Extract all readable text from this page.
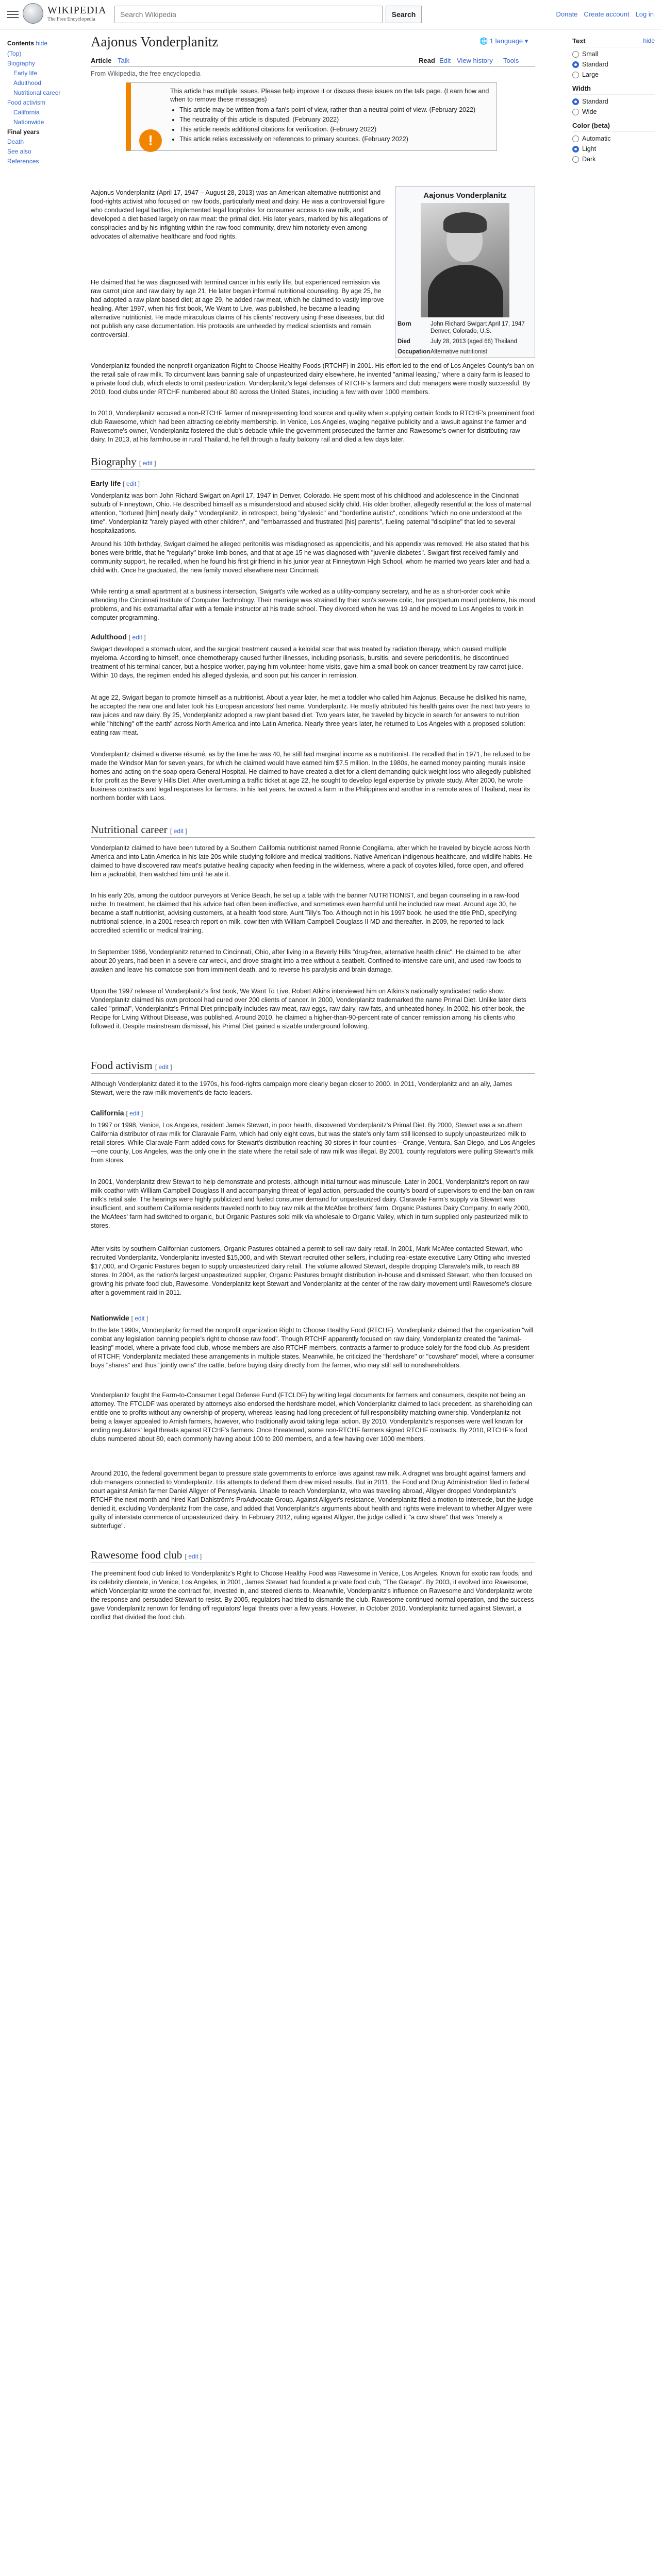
WIKIPEDIA
The Free Encyclopedia
Search Wikipedia	Search	Donate Create account Log in
Contents hide
(Top)
Biography
Early life
Adulthood
Nutritional career
Food activism
California
Nationwide
Final years
Death
See also
References
Aajonus Vonderplanitz	🌐 1 language ▾
Article Talk	Read Edit View history Tools
From Wikipedia, the free encyclopedia
!
This article has multiple issues. Please help improve it or discuss these issues on the talk page. (Learn how and when to remove these messages)
• This article may be written from a fan's point of view, rather than a neutral point of view. (February 2022)
• The neutrality of this article is disputed. (February 2022)
• This article needs additional citations for verification. (February 2022)
• This article relies excessively on references to primary sources. (February 2022)
Aajonus Vonderplanitz
Born	John Richard Swigart April 17, 1947 Denver, Colorado, U.S.
Died	July 28, 2013 (aged 66) Thailand
Occupation Alternative nutritionist
Text	hide
Small
Standard
Large
Width
Standard
Wide
Color (beta)
Automatic
Light
Dark

Aajonus Vonderplanitz (April 17, 1947 – August 28, 2013) was an American alternative nutritionist and food-rights activist who focused on raw foods, particularly meat and dairy. He was a controversial figure who conducted legal battles, implemented legal loopholes for consumer access to raw milk, and developed a diet based largely on raw meat: the primal diet. His later years, marked by his allegations of conspiracies and by his infighting within the raw food community, drew him notoriety even among advocates of alternative healthcare and food rights.

He claimed that he was diagnosed with terminal cancer in his early life, but experienced remission via raw carrot juice and raw dairy by age 21. He later began informal nutritional counseling. By age 25, he had adopted a raw plant based diet; at age 29, he added raw meat, which he claimed to vastly improve healing. After 1997, when his first book, We Want to Live, was published, he became a leading alternative nutritionist. He made miraculous claims of his clients' recovery using these diseases, but did not publish any case documentation. His protocols are unheeded by medical scientists and remain controversial.

Vonderplanitz founded the nonprofit organization Right to Choose Healthy Foods (RTCHF) in 2001. His effort led to the end of Los Angeles County's ban on the retail sale of raw milk. To circumvent laws banning sale of unpasteurized dairy elsewhere, he invented "animal leasing," where a dairy farm is leased to a private food club, which elects to omit pasteurization. Vonderplanitz's legal defenses of RTCHF's farmers and club managers were mostly successful. By 2010, food clubs under RTCHF numbered about 80 across the United States, including a few with over 1000 members.

In 2010, Vonderplanitz accused a non-RTCHF farmer of misrepresenting food source and quality when supplying certain foods to RTCHF's preeminent food club Rawesome, which had been attracting celebrity membership. In Venice, Los Angeles, waging negative publicity and a lawsuit against the farmer and Rawesome's owner, Vonderplanitz fostered the club's debacle while the government prosecuted the farmer and Rawesome's owner for distributing raw dairy. In 2013, at his farmhouse in rural Thailand, he fell through a faulty balcony rail and died a few days later.

Biography [ edit ]
Early life [ edit ]

Vonderplanitz was born John Richard Swigart on April 17, 1947 in Denver, Colorado. He spent most of his childhood and adolescence in the Cincinnati suburb of Finneytown, Ohio. He described himself as a misunderstood and abused sickly child. His older brother, allegedly resentful at the loss of maternal attention, "tortured [him] nearly daily." Vonderplanitz, in retrospect, being "dyslexic" and "borderline autistic", conditions "which no one understood at the time". Vonderplanitz "rarely played with other children", and "embarrassed and frustrated [his] parents", fueling paternal "discipline" that led to several hospitalizations.

Around his 10th birthday, Swigart claimed he alleged peritonitis was misdiagnosed as appendicitis, and his appendix was removed. He also stated that his bones were brittle, that he "regularly" broke limb bones, and that at age 15 he was diagnosed with "juvenile diabetes". Swigart first received family and community support, he recalled, when he found his first girlfriend in his junior year at Finneytown High School, whom he married two years later and had a child with. Once he graduated, the new family moved elsewhere near Cincinnati.

While renting a small apartment at a business intersection, Swigart's wife worked as a utility-company secretary, and he as a short-order cook while attending the Cincinnati Institute of Computer Technology. Their marriage was strained by their son's severe colic, her postpartum mood problems, his mood problems, and his extramarital affair with a female instructor at his trade school. They divorced when he was 19 and he moved to Los Angeles to work in computer programming.

Adulthood [ edit ]

Swigart developed a stomach ulcer, and the surgical treatment caused a keloidal scar that was treated by radiation therapy, which caused multiple myeloma. According to himself, once chemotherapy caused further illnesses, including psoriasis, bursitis, and severe periodontitis, he discontinued treatment of his terminal cancer, but a hospice worker, paying him volunteer home visits, gave him a small book on cancer treatment by raw carrot juice. Within 10 days, the regimen ended his alleged dyslexia, and soon put his cancer in remission.

At age 22, Swigart began to promote himself as a nutritionist. About a year later, he met a toddler who called him Aajonus. Because he disliked his name, he accepted the new one and later took his European ancestors' last name, Vonderplanitz. He mostly attributed his health gains over the next two years to raw juices and raw dairy. By 25, Vonderplanitz adopted a raw plant based diet. Two years later, he traveled by bicycle in search for answers to nutrition while "hitching" off the earth" across North America and into Latin America. Nearly three years later, he returned to Los Angeles with a proposed solution: eating raw meat.

Vonderplanitz claimed a diverse résumé, as by the time he was 40, he still had marginal income as a nutritionist. He recalled that in 1971, he refused to be made the Windsor Man for seven years, for which he claimed would have earned him $7.5 million. In the 1980s, he earned money painting murals inside homes and acting on the soap opera General Hospital. He claimed to have created a diet for a client demanding quick weight loss who allegedly published it for profit as the Beverly Hills Diet. After overturning a traffic ticket at age 22, he sought to develop legal expertise by private study. After 2000, he wrote business contracts and legal responses for farmers. In his last years, he owned a farm in the Philippines and another in a remote area of Thailand, near its northern border with Laos.

Nutritional career [ edit ]

Vonderplanitz claimed to have been tutored by a Southern California nutritionist named Ronnie Congilama, after which he traveled by bicycle across North America and into Latin America in his late 20s while studying folklore and medical traditions. Native American indigenous healthcare, and wildlife habits. He claimed to have discovered raw meat's putative healing capacity when feeding in the wilderness, where a pack of coyotes killed, force open, and offered him a jackrabbit, then watched him until he ate it.

In his early 20s, among the outdoor purveyors at Venice Beach, he set up a table with the banner NUTRITIONIST, and began counseling in a raw-food niche. In treatment, he claimed that his advice had often been ineffective, and sometimes even harmful until he included raw meat. Around age 30, he became a staff nutritionist, advising customers, at a health food store, Aunt Tilly's Too. Although not in his 1997 book, he used the title PhD, specifying nutritional science, in a 2001 research report on milk, cowritten with William Campbell Douglass II MD and thereafter. In 2009, he reported to lack accredited scientific or medical training.

In September 1986, Vonderplanitz returned to Cincinnati, Ohio, after living in a Beverly Hills "drug-free, alternative health clinic". He claimed to be, after about 20 years, had been in a severe car wreck, and drove straight into a tree without a seatbelt. Confined to intensive care unit, and used raw foods to awaken and leave his comatose son from imminent death, and to reverse his paralysis and brain damage.

Upon the 1997 release of Vonderplanitz's first book, We Want To Live, Robert Atkins interviewed him on Atkins's nationally syndicated radio show. Vonderplanitz claimed his own protocol had cured over 200 clients of cancer. In 2000, Vonderplanitz trademarked the name Primal Diet. Unlike later diets called "primal", Vonderplanitz's Primal Diet principally includes raw meat, raw eggs, raw dairy, raw fats, and unheated honey. In 2002, his other book, the Recipe for Living Without Disease, was published. Around 2010, he claimed a higher-than-90-percent rate of cancer remission among his clients who followed it. Despite mainstream dismissal, his Primal Diet gained a sizable underground following.

Food activism [ edit ]

Although Vonderplanitz dated it to the 1970s, his food-rights campaign more clearly began closer to 2000. In 2011, Vonderplanitz and an ally, James Stewart, were the raw-milk movement's de facto leaders.

California [ edit ]

In 1997 or 1998, Venice, Los Angeles, resident James Stewart, in poor health, discovered Vonderplanitz's Primal Diet. By 2000, Stewart was a southern California distributor of raw milk for Claravale Farm, which had only eight cows, but was the state's only farm still licensed to supply unpasteurized milk to retail stores. While Claravale Farm added cows for Stewart's distribution reaching 30 stores in four counties—Orange, Ventura, San Diego, and Los Angeles—one county, Los Angeles, was the only one in the state where the retail sale of raw milk was illegal. By 2001, county regulators were pulling Stewart's milk from stores.

In 2001, Vonderplanitz drew Stewart to help demonstrate and protests, although initial turnout was minuscule. Later in 2001, Vonderplanitz's report on raw milk coathor with William Campbell Douglass II and accompanying threat of legal action, persuaded the county's board of supervisors to end the ban on raw milk's retail sale. The hearings were highly publicized and fueled consumer demand for unpasteurized dairy. Claravale Farm's supply via Stewart was insufficient, and southern California residents traveled north to buy raw milk at the McAfee brothers' farm, Organic Pastures Dairy Company. In early 2000, the McAfees' farm had switched to organic, but Organic Pastures sold milk via wholesale to Organic Valley, which in turn supplied only pasteurized milk to stores.

After visits by southern Californian customers, Organic Pastures obtained a permit to sell raw dairy retail. In 2001, Mark McAfee contacted Stewart, who recruited Vonderplanitz. Vonderplanitz invested $15,000, and with Stewart recruited other sellers, including real-estate executive Larry Otting who invested $17,000, and Organic Pastures began to supply unpasteurized dairy retail. The volume allowed Stewart, despite dropping Claravale's milk, to reach 89 stores. In 2004, as the nation's largest unpasteurized supplier, Organic Pastures brought distribution in-house and dismissed Stewart, who then focused on growing his private food club, Rawesome. Vonderplanitz kept Stewart and Vonderplanitz at the center of the raw dairy movement until Rawesome's closure after a government raid in 2011.

Nationwide [ edit ]

In the late 1990s, Vonderplanitz formed the nonprofit organization Right to Choose Healthy Food (RTCHF). Vonderplanitz claimed that the organization "will combat any legislation banning people's right to choose raw food". Though RTCHF apparently focused on raw dairy, Vonderplanitz created the "animal-leasing" model, where a private food club, whose members are also RTCHF members, contracts a farmer to produce solely for the food club. As president of RTCHF, Vonderplanitz mediated these arrangements in multiple states. Meanwhile, he criticized the "herdshare" or "cowshare" model, where a consumer buys "shares" and thus "jointly owns" the cattle, before buying dairy directly from the farmer, who may still sell to nonshareholders.

Vonderplanitz fought the Farm-to-Consumer Legal Defense Fund (FTCLDF) by writing legal documents for farmers and consumers, despite not being an attorney. The FTCLDF was operated by attorneys also endorsed the herdshare model, which Vonderplanitz claimed to lack precedent, as shareholding can entitle one to profits without any ownership of property, whereas leasing had long precedent of full responsibility matching ownership. Vonderplanitz not being a lawyer appealed to Amish farmers, however, who traditionally avoid taking legal action. By 2010, Vonderplanitz's responses were well known for ending regulators' legal threats against RTCHF's farmers. Once threatened, some non-RTCHF farmers signed RTCHF contracts. By 2010, RTCHF's food clubs numbered about 80, each commonly having about 100 to 200 members, and a few having over 1000 members.

Around 2010, the federal government began to pressure state governments to enforce laws against raw milk. A dragnet was brought against farmers and club managers connected to Vonderplanitz. His attempts to defend them drew mixed results. But in 2011, the Food and Drug Administration filed in federal court against Amish farmer Daniel Allgyer of Pennsylvania. Unable to reach Vonderplanitz, who was traveling abroad, Allgyer dropped Vonderplanitz's RTCHF the next month and hired Karl Dahlström's ProAdvocate Group. Against Allgyer's resistance, Vonderplanitz filed a motion to intercede, but the judge denied it, excluding Vonderplanitz from the case, and added that Vonderplanitz's arguments about health and rights were irrelevant to whether Allgyer were guilty of interstate commerce of unpasteurized dairy. In February 2012, ruling against Allgyer, the judge called it "a cow share" that was "merely a subterfuge".

Rawesome food club [ edit ]

The preeminent food club linked to Vonderplanitz's Right to Choose Healthy Food was Rawesome in Venice, Los Angeles. Known for exotic raw foods, and its celebrity clientele, in Venice, Los Angeles, in 2001, James Stewart had founded a private food club, "The Garage". By 2003, it evolved into Rawesome, which Vonderplanitz wrote the contract for, invested in, and steered clients to. Meanwhile, Vonderplanitz's influence on Rawesome and Vonderplanitz wrote the response and persuaded Stewart to resist. By 2005, regulators had tried to dismantle the club. Rawesome continued normal operation, and the success gave Vonderplanitz renown for fending off regulators' legal threats over a few years. However, in October 2010, Vonderplanitz turned against Stewart, a conflict that divided the food club.
